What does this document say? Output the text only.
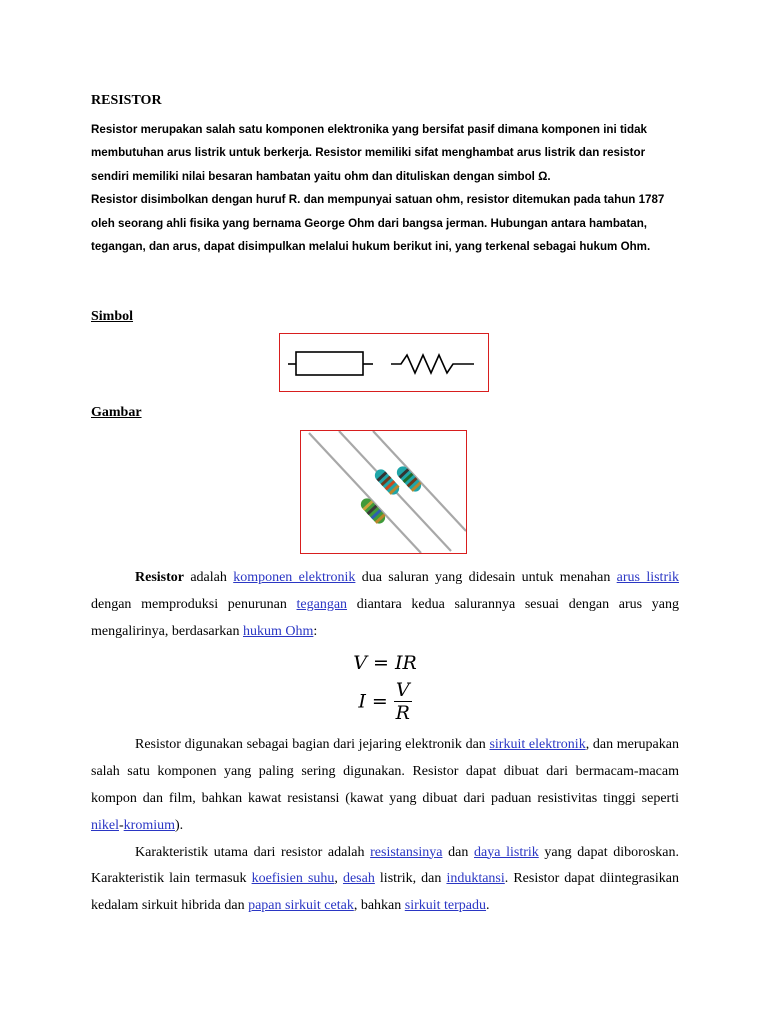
RESISTOR

Resistor merupakan salah satu komponen elektronika yang bersifat pasif dimana komponen ini tidak membutuhan arus listrik untuk berkerja. Resistor memiliki sifat menghambat arus listrik dan resistor sendiri memiliki nilai besaran hambatan yaitu ohm dan dituliskan dengan simbol Ω.

Resistor disimbolkan dengan huruf R. dan mempunyai satuan ohm, resistor ditemukan pada tahun 1787 oleh seorang ahli fisika yang bernama George Ohm dari bangsa jerman. Hubungan antara hambatan, tegangan, dan arus, dapat disimpulkan melalui hukum berikut ini, yang terkenal sebagai hukum Ohm.

Simbol
Gambar

Resistor adalah komponen elektronik dua saluran yang didesain untuk menahan arus listrik dengan memproduksi penurunan tegangan diantara kedua salurannya sesuai dengan arus yang mengalirinya, berdasarkan hukum Ohm:

V = IR
$I = \frac{V}{R}$

Resistor digunakan sebagai bagian dari jejaring elektronik dan sirkuit elektronik, dan merupakan salah satu komponen yang paling sering digunakan. Resistor dapat dibuat dari bermacam-macam kompon dan film, bahkan kawat resistansi (kawat yang dibuat dari paduan resistivitas tinggi seperti nikel-kromium).

Karakteristik utama dari resistor adalah resistansinya dan daya listrik yang dapat diboroskan. Karakteristik lain termasuk koefisien suhu, desah listrik, dan induktansi. Resistor dapat diintegrasikan kedalam sirkuit hibrida dan papan sirkuit cetak, bahkan sirkuit terpadu.
